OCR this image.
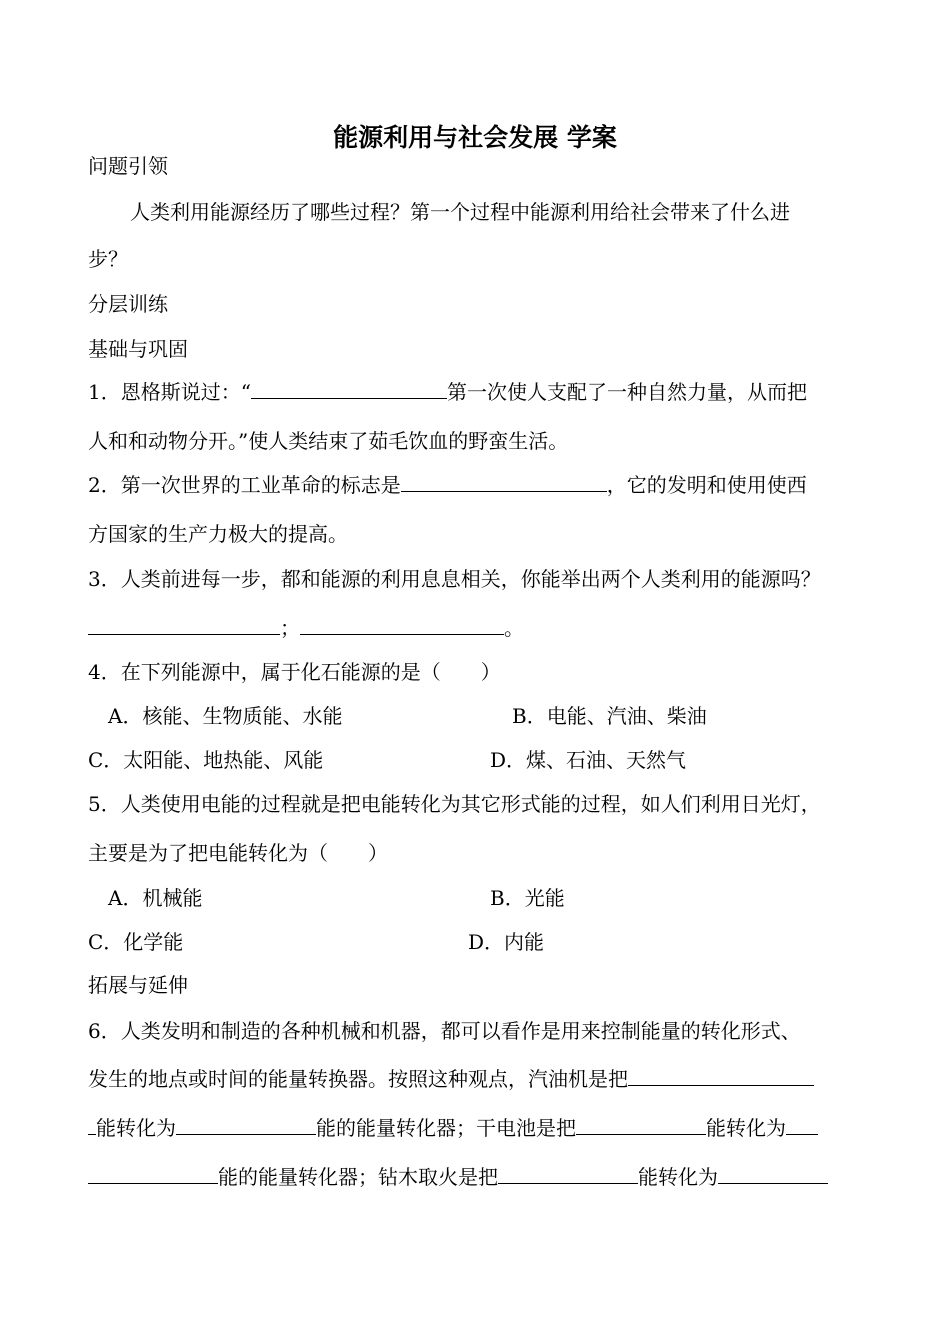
能源利用与社会发展 学案
问题引领
人类利用能源经历了哪些过程？第一个过程中能源利用给社会带来了什么进
步？
分层训练
基础与巩固
1．恩格斯说过：“	第一次使人支配了一种自然力量，从而把
人和和动物分开。”使人类结束了茹毛饮血的野蛮生活。
2．第一次世界的工业革命的标志是	，它的发明和使用使西
方国家的生产力极大的提高。
3．人类前进每一步，都和能源的利用息息相关，你能举出两个人类利用的能源吗？
；	。
4．在下列能源中，属于化石能源的是（　　）
A．核能、生物质能、水能	B．电能、汽油、柴油
C．太阳能、地热能、风能	D．煤、石油、天然气
5．人类使用电能的过程就是把电能转化为其它形式能的过程，如人们利用日光灯，
主要是为了把电能转化为（　　）
A．机械能	B．光能
C．化学能	D．内能
拓展与延伸
6．人类发明和制造的各种机械和机器，都可以看作是用来控制能量的转化形式、
发生的地点或时间的能量转换器。按照这种观点，汽油机是把
能转化为	能的能量转化器；干电池是把	能转化为
能的能量转化器；钻木取火是把	能转化为
